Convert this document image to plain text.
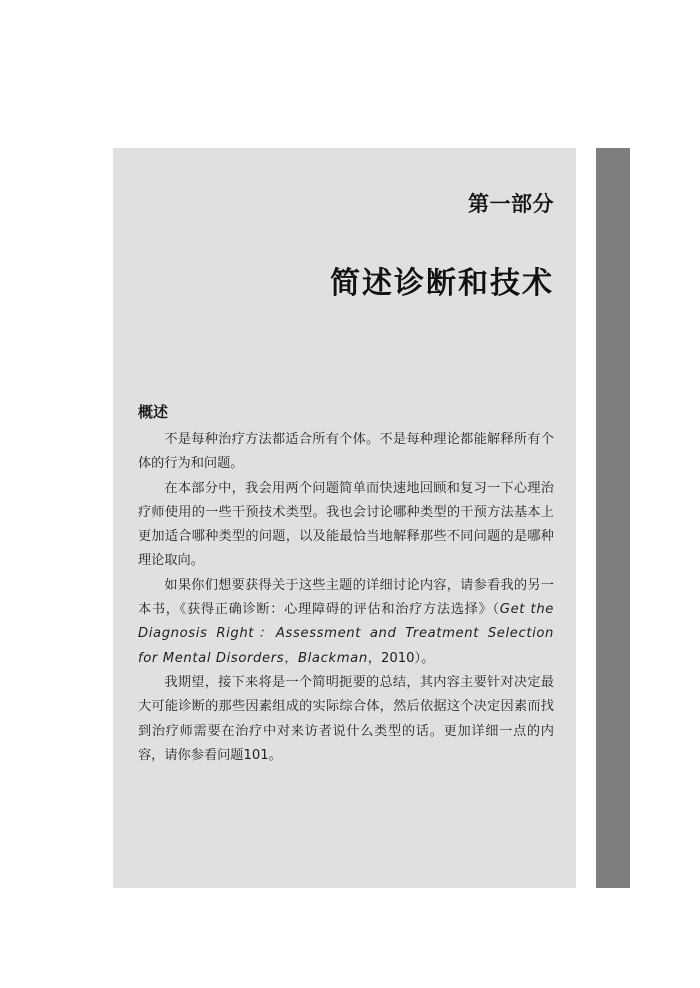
第一部分
简述诊断和技术
概述

不是每种治疗方法都适合所有个体。不是每种理论都能解释所有个体的行为和问题。

在本部分中，我会用两个问题简单而快速地回顾和复习一下心理治疗师使用的一些干预技术类型。我也会讨论哪种类型的干预方法基本上更加适合哪种类型的问题，以及能最恰当地解释那些不同问题的是哪种理论取向。

如果你们想要获得关于这些主题的详细讨论内容，请参看我的另一本书，《获得正确诊断：心理障碍的评估和治疗方法选择》（Get the Diagnosis Right：Assessment and Treatment Selection for Mental Disorders，Blackman，2010）。

我期望，接下来将是一个简明扼要的总结，其内容主要针对决定最大可能诊断的那些因素组成的实际综合体，然后依据这个决定因素而找到治疗师需要在治疗中对来访者说什么类型的话。更加详细一点的内容，请你参看问题101。
